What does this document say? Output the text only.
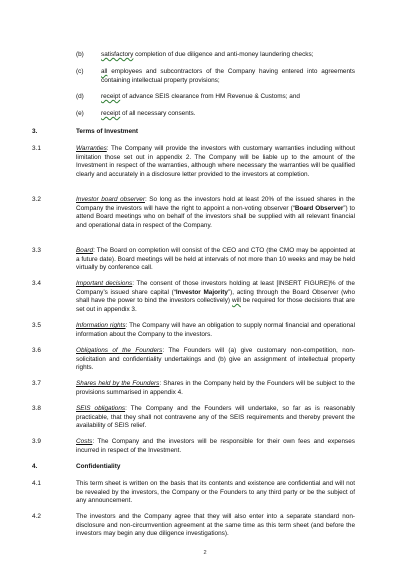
(b)	satisfactory completion of due diligence and anti-money laundering checks;
(c)	all employees and subcontractors of the Company having entered into agreements containing intellectual property provisions;
(d)	receipt of advance SEIS clearance from HM Revenue & Customs; and
(e)	receipt of all necessary consents.
3.	Terms of Investment
3.1	Warranties: The Company will provide the investors with customary warranties including without limitation those set out in appendix 2. The Company will be liable up to the amount of the Investment in respect of the warranties, although where necessary the warranties will be qualified clearly and accurately in a disclosure letter provided to the investors at completion.
3.2	Investor board observer: So long as the investors hold at least 20% of the issued shares in the Company the investors will have the right to appoint a non-voting observer (“Board Observer”) to attend Board meetings who on behalf of the investors shall be supplied with all relevant financial and operational data in respect of the Company.
3.3	Board: The Board on completion will consist of the CEO and CTO (the CMO may be appointed at a future date). Board meetings will be held at intervals of not more than 10 weeks and may be held virtually by conference call.
3.4	Important decisions: The consent of those investors holding at least [INSERT FIGURE]% of the Company’s issued share capital (“Investor Majority”), acting through the Board Observer (who shall have the power to bind the investors collectively) will be required for those decisions that are set out in appendix 3.
3.5	Information rights: The Company will have an obligation to supply normal financial and operational information about the Company to the investors.
3.6	Obligations of the Founders: The Founders will (a) give customary non-competition, non-solicitation and confidentiality undertakings and (b) give an assignment of intellectual property rights.
3.7	Shares held by the Founders: Shares in the Company held by the Founders will be subject to the provisions summarised in appendix 4.
3.8	SEIS obligations: The Company and the Founders will undertake, so far as is reasonably practicable, that they shall not contravene any of the SEIS requirements and thereby prevent the availability of SEIS relief.
3.9	Costs: The Company and the investors will be responsible for their own fees and expenses incurred in respect of the Investment.
4.	Confidentiality
4.1	This term sheet is written on the basis that its contents and existence are confidential and will not be revealed by the investors, the Company or the Founders to any third party or be the subject of any announcement.
4.2	The investors and the Company agree that they will also enter into a separate standard non-disclosure and non-circumvention agreement at the same time as this term sheet (and before the investors may begin any due diligence investigations).
2
